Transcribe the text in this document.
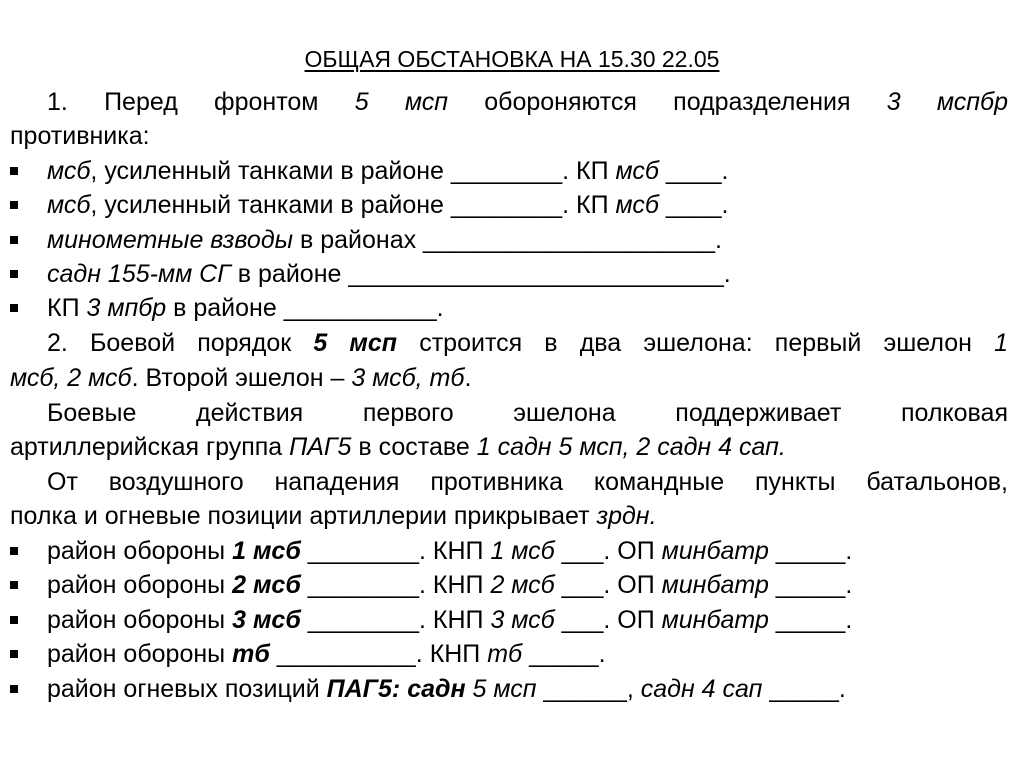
ОБЩАЯ ОБСТАНОВКА НА 15.30 22.05
1. Перед фронтом 5 мсп обороняются подразделения 3 мспбр
противника:
мсб, усиленный танками в районе ________. КП мсб ____.
мсб, усиленный танками в районе ________. КП мсб ____.
минометные взводы в районах _____________________.
садн 155-мм СГ в районе ___________________________.
КП 3 мпбр в районе ___________.
2. Боевой порядок 5 мсп строится в два эшелона: первый эшелон 1
мсб, 2 мсб. Второй эшелон – 3 мсб, тб.
Боевые действия первого эшелона поддерживает полковая
артиллерийская группа ПАГ5 в составе 1 садн 5 мсп, 2 садн 4 сап.
От воздушного нападения противника командные пункты батальонов,
полка и огневые позиции артиллерии прикрывает зрдн.
район обороны 1 мсб ________. КНП 1 мсб ___. ОП минбатр _____.
район обороны 2 мсб ________. КНП 2 мсб ___. ОП минбатр _____.
район обороны 3 мсб ________. КНП 3 мсб ___. ОП минбатр _____.
район обороны тб __________. КНП тб _____.
район огневых позиций ПАГ5: садн 5 мсп ______, садн 4 сап _____.
